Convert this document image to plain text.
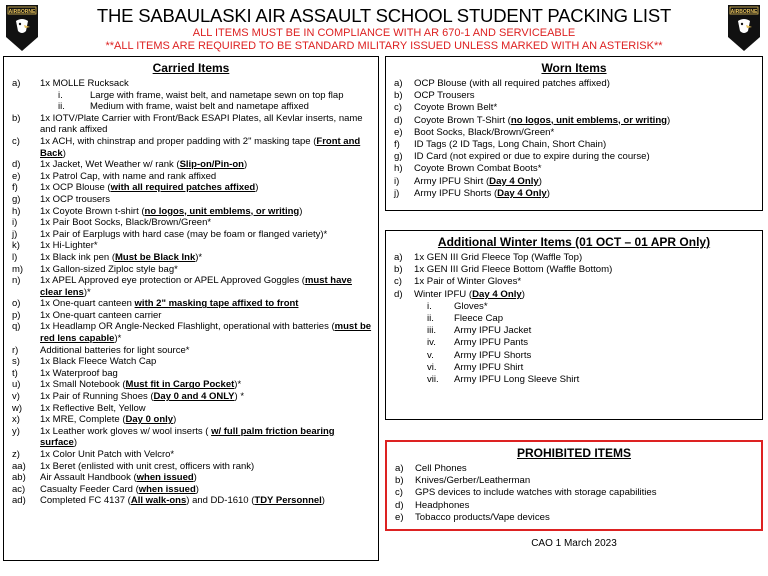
AIRBORNE	AIRBORNE
THE SABAULASKI AIR ASSAULT SCHOOL STUDENT PACKING LIST
ALL ITEMS MUST BE IN COMPLIANCE WITH AR 670-1 AND SERVICEABLE
**ALL ITEMS ARE REQUIRED TO BE STANDARD MILITARY ISSUED UNLESS MARKED WITH AN ASTERISK**
Carried Items
a) 1x MOLLE Rucksack
i.	Large with frame, waist belt, and nametape sewn on top flap
ii.	Medium with frame, waist belt and nametape affixed
b) 1x IOTV/Plate Carrier with Front/Back ESAPI Plates, all Kevlar inserts, name and rank affixed
c) 1x ACH, with chinstrap and proper padding with 2" masking tape (Front and Back)
d) 1x Jacket, Wet Weather w/ rank (Slip-on/Pin-on)
e) 1x Patrol Cap, with name and rank affixed
f) 1x OCP Blouse (with all required patches affixed)
g) 1x OCP trousers
h) 1x Coyote Brown t-shirt (no logos, unit emblems, or writing)
i) 1x Pair Boot Socks, Black/Brown/Green*
j) 1x Pair of Earplugs with hard case (may be foam or flanged variety)*
k) 1x Hi-Lighter*
l) 1x Black ink pen (Must be Black Ink)*
m) 1x Gallon-sized Ziploc style bag*
n) 1x APEL Approved eye protection or APEL Approved Goggles (must have clear lens)*
o) 1x One-quart canteen with 2" masking tape affixed to front
p) 1x One-quart canteen carrier
q) 1x Headlamp OR Angle-Necked Flashlight, operational with batteries (must be red lens capable)*
r) Additional batteries for light source*
s) 1x Black Fleece Watch Cap
t) 1x Waterproof bag
u) 1x Small Notebook (Must fit in Cargo Pocket)*
v) 1x Pair of Running Shoes (Day 0 and 4 ONLY) *
w) 1x Reflective Belt, Yellow
x) 1x MRE, Complete (Day 0 only)
y) 1x Leather work gloves w/ wool inserts ( w/ full palm friction bearing surface)
z) 1x Color Unit Patch with Velcro*
aa) 1x Beret (enlisted with unit crest, officers with rank)
ab) Air Assault Handbook (when issued)
ac) Casualty Feeder Card (when issued)
ad) Completed FC 4137 (All walk-ons) and DD-1610 (TDY Personnel)
Worn Items
a) OCP Blouse (with all required patches affixed)
b) OCP Trousers
c) Coyote Brown Belt*
d) Coyote Brown T-Shirt (no logos, unit emblems, or writing)
e) Boot Socks, Black/Brown/Green*
f) ID Tags (2 ID Tags, Long Chain, Short Chain)
g) ID Card (not expired or due to expire during the course)
h) Coyote Brown Combat Boots*
i) Army IPFU Shirt (Day 4 Only)
j) Army IPFU Shorts (Day 4 Only)
Additional Winter Items (01 OCT – 01 APR Only)
a) 1x GEN III Grid Fleece Top (Waffle Top)
b) 1x GEN III Grid Fleece Bottom (Waffle Bottom)
c) 1x Pair of Winter Gloves*
d) Winter IPFU (Day 4 Only)
i. Gloves*
ii. Fleece Cap
iii. Army IPFU Jacket
iv. Army IPFU Pants
v. Army IPFU Shorts
vi. Army IPFU Shirt
vii. Army IPFU Long Sleeve Shirt
PROHIBITED ITEMS
a) Cell Phones
b) Knives/Gerber/Leatherman
c) GPS devices to include watches with storage capabilities
d) Headphones
e) Tobacco products/Vape devices
CAO 1 March 2023
